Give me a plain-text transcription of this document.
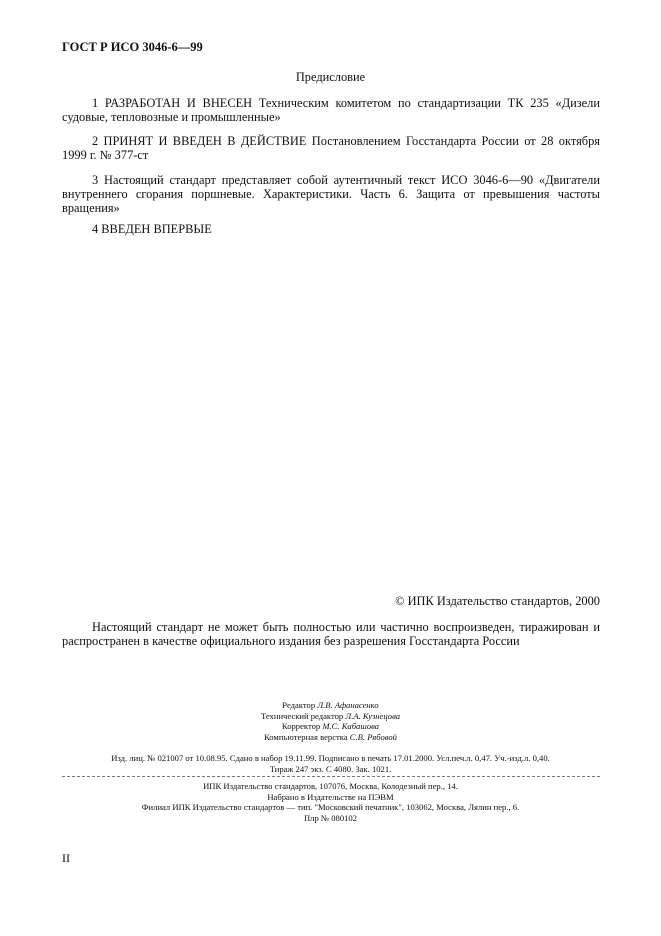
ГОСТ Р ИСО 3046-6—99
Предисловие
1 РАЗРАБОТАН И ВНЕСЕН Техническим комитетом по стандартизации ТК 235 «Дизели судовые, тепловозные и промышленные»
2 ПРИНЯТ И ВВЕДЕН В ДЕЙСТВИЕ Постановлением Госстандарта России от 28 октября 1999 г. № 377-ст
3 Настоящий стандарт представляет собой аутентичный текст ИСО 3046-6—90 «Двигатели внутреннего сгорания поршневые. Характеристики. Часть 6. Защита от превышения частоты вращения»
4 ВВЕДЕН ВПЕРВЫЕ
© ИПК Издательство стандартов, 2000
Настоящий стандарт не может быть полностью или частично воспроизведен, тиражирован и распространен в качестве официального издания без разрешения Госстандарта России
Редактор Л.В. Афанасенко
Технический редактор Л.А. Кузнецова
Корректор М.С. Кабашова
Компьютерная верстка С.В. Рябовой
Изд. лиц. № 021007 от 10.08.95. Сдано в набор 19.11.99. Подписано в печать 17.01.2000. Усл.печ.л. 0,47. Уч.-изд.л. 0,40.
Тираж 247 экз. С 4080. Зак. 1021.
ИПК Издательство стандартов, 107076, Москва, Колодезный пер., 14.
Набрано в Издательстве на ПЭВМ
Филиал ИПК Издательство стандартов — тип. "Московский печатник", 103062, Москва, Лялин пер., 6.
Плр № 080102
II
